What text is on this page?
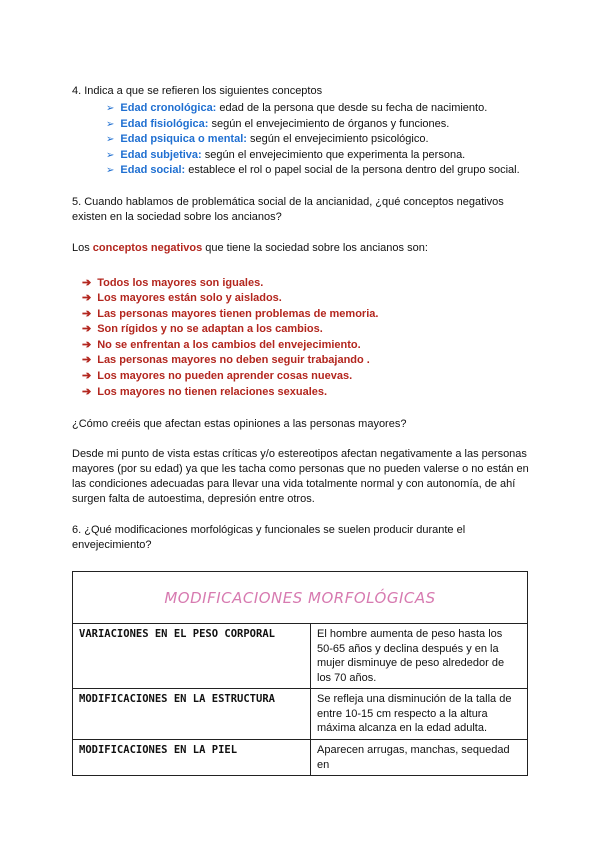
4. Indica a que se refieren los siguientes conceptos

➢ Edad cronológica: edad de la persona que desde su fecha de nacimiento.
➢ Edad fisiológica: según el envejecimiento de órganos y funciones.
➢ Edad psiquica o mental: según el envejecimiento psicológico.
➢ Edad subjetiva: según el envejecimiento que experimenta la persona.
➢ Edad social: establece el rol o papel social de la persona dentro del grupo social.

5. Cuando hablamos de problemática social de la ancianidad, ¿qué conceptos negativos existen en la sociedad sobre los ancianos?

Los conceptos negativos que tiene la sociedad sobre los ancianos son:

➔ Todos los mayores son iguales.
➔ Los mayores están solo y aislados.
➔ Las personas mayores tienen problemas de memoria.
➔ Son rígidos y no se adaptan a los cambios.
➔ No se enfrentan a los cambios del envejecimiento.
➔ Las personas mayores no deben seguir trabajando .
➔ Los mayores no pueden aprender cosas nuevas.
➔ Los mayores no tienen relaciones sexuales.

¿Cómo creéis que afectan estas opiniones a las personas mayores?

Desde mi punto de vista estas críticas y/o estereotipos afectan negativamente a las personas mayores (por su edad) ya que les tacha como personas que no pueden valerse o no están en las condiciones adecuadas para llevar una vida totalmente normal y con autonomía, de ahí surgen falta de autoestima, depresión entre otros.

6. ¿Qué modificaciones morfológicas y funcionales se suelen producir durante el envejecimiento?

MODIFICACIONES MORFOLÓGICAS	
VARIACIONES EN EL PESO CORPORAL	El hombre aumenta de peso hasta los 50-65 años y declina después y en la mujer disminuye de peso alrededor de los 70 años.
MODIFICACIONES EN LA ESTRUCTURA	Se refleja una disminución de la talla de entre 10-15 cm respecto a la altura máxima alcanza en la edad adulta.
MODIFICACIONES EN LA PIEL	Aparecen arrugas, manchas, sequedad en
